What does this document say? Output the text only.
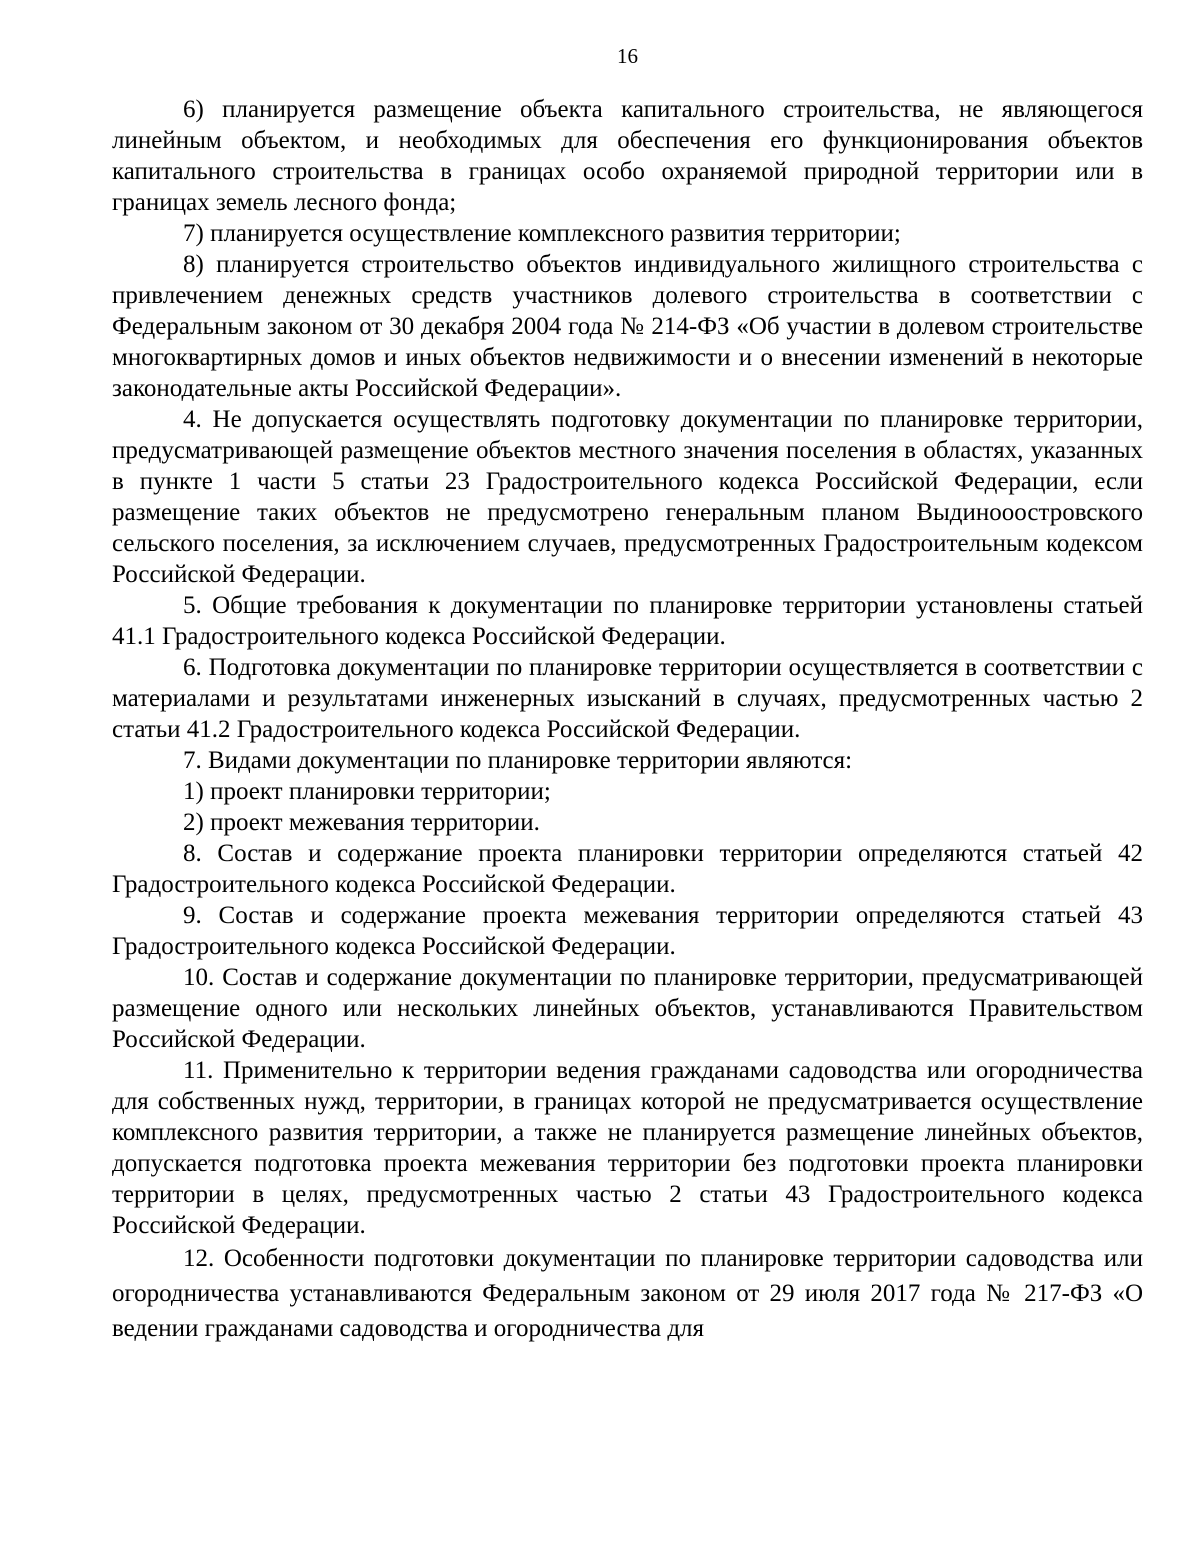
16

6) планируется размещение объекта капитального строительства, не являющегося линейным объектом, и необходимых для обеспечения его функционирования объектов капитального строительства в границах особо охраняемой природной территории или в границах земель лесного фонда;

7) планируется осуществление комплексного развития территории;

8) планируется строительство объектов индивидуального жилищного строительства с привлечением денежных средств участников долевого строительства в соответствии с Федеральным законом от 30 декабря 2004 года № 214-ФЗ «Об участии в долевом строительстве многоквартирных домов и иных объектов недвижимости и о внесении изменений в некоторые законодательные акты Российской Федерации».

4. Не допускается осуществлять подготовку документации по планировке территории, предусматривающей размещение объектов местного значения поселения в областях, указанных в пункте 1 части 5 статьи 23 Градостроительного кодекса Российской Федерации, если размещение таких объектов не предусмотрено генеральным планом Выдинооостровского сельского поселения, за исключением случаев, предусмотренных Градостроительным кодексом Российской Федерации.

5. Общие требования к документации по планировке территории установлены статьей 41.1 Градостроительного кодекса Российской Федерации.

6. Подготовка документации по планировке территории осуществляется в соответствии с материалами и результатами инженерных изысканий в случаях, предусмотренных частью 2 статьи 41.2 Градостроительного кодекса Российской Федерации.

7. Видами документации по планировке территории являются:

1) проект планировки территории;

2) проект межевания территории.

8. Состав и содержание проекта планировки территории определяются статьей 42 Градостроительного кодекса Российской Федерации.

9. Состав и содержание проекта межевания территории определяются статьей 43 Градостроительного кодекса Российской Федерации.

10. Состав и содержание документации по планировке территории, предусматривающей размещение одного или нескольких линейных объектов, устанавливаются Правительством Российской Федерации.

11. Применительно к территории ведения гражданами садоводства или огородничества для собственных нужд, территории, в границах которой не предусматривается осуществление комплексного развития территории, а также не планируется размещение линейных объектов, допускается подготовка проекта межевания территории без подготовки проекта планировки территории в целях, предусмотренных частью 2 статьи 43 Градостроительного кодекса Российской Федерации.

12. Особенности подготовки документации по планировке территории садоводства или огородничества устанавливаются Федеральным законом от 29 июля 2017 года № 217-ФЗ «О ведении гражданами садоводства и огородничества для
